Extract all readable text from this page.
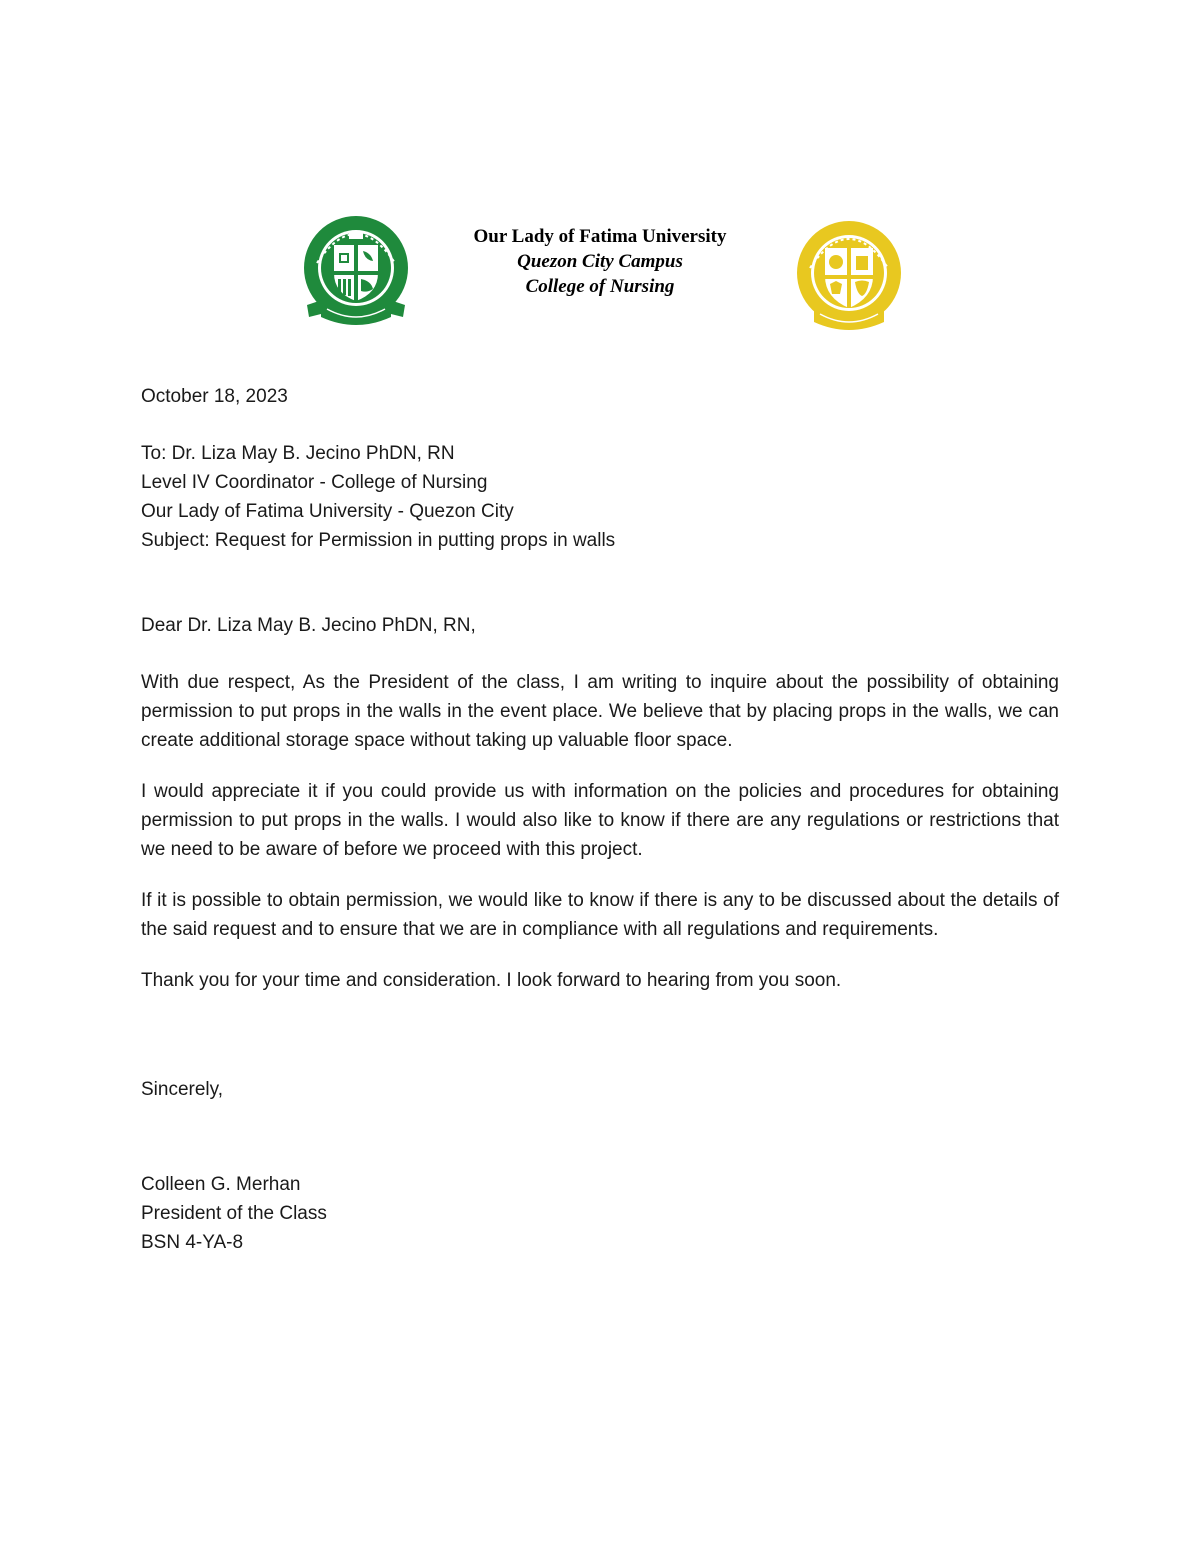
Our Lady of Fatima University
Quezon City Campus
College of Nursing
October 18, 2023
To: Dr. Liza May B. Jecino PhDN, RN
Level IV Coordinator - College of Nursing
Our Lady of Fatima University - Quezon City
Subject: Request for Permission in putting props in walls
Dear Dr. Liza May B. Jecino PhDN, RN,

With due respect, As the President of the class, I am writing to inquire about the possibility of obtaining permission to put props in the walls in the event place. We believe that by placing props in the walls, we can create additional storage space without taking up valuable floor space.

I would appreciate it if you could provide us with information on the policies and procedures for obtaining permission to put props in the walls. I would also like to know if there are any regulations or restrictions that we need to be aware of before we proceed with this project.

If it is possible to obtain permission, we would like to know if there is any to be discussed about the details of the said request and to ensure that we are in compliance with all regulations and requirements.

Thank you for your time and consideration. I look forward to hearing from you soon.
Sincerely,
Colleen G. Merhan
President of the Class
BSN 4-YA-8
